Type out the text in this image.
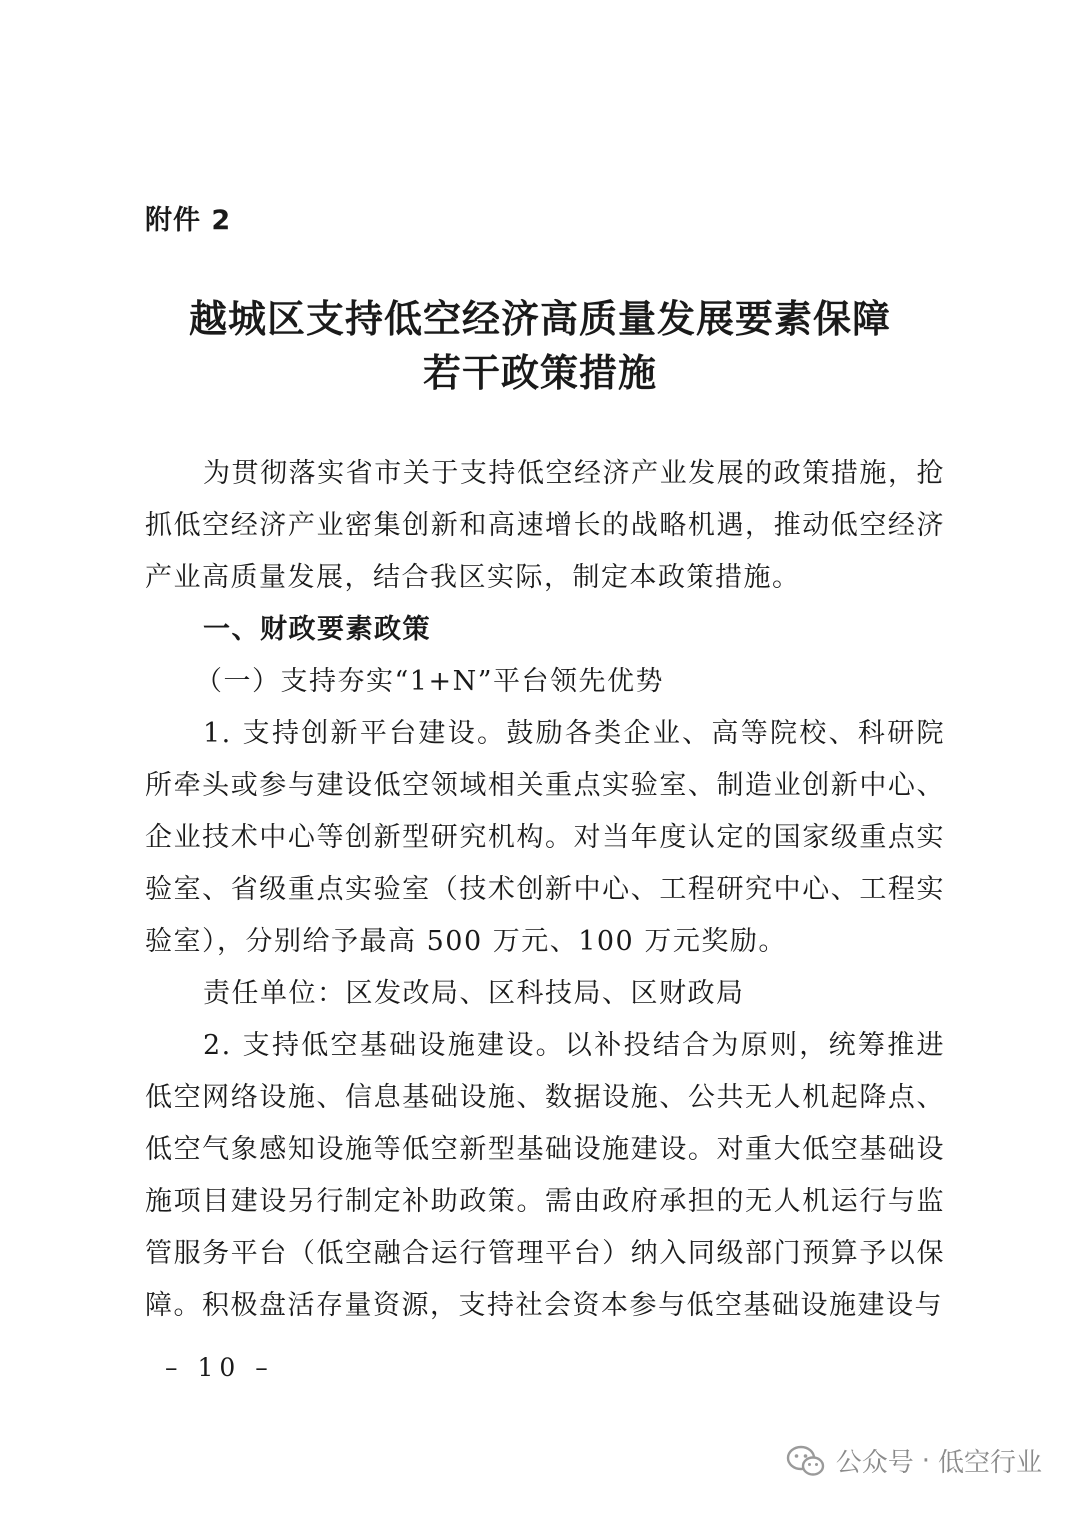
附件 2
越城区支持低空经济高质量发展要素保障
若干政策措施

为贯彻落实省市关于支持低空经济产业发展的政策措施，抢抓低空经济产业密集创新和高速增长的战略机遇，推动低空经济产业高质量发展，结合我区实际，制定本政策措施。

一、财政要素政策

（一）支持夯实“1+N”平台领先优势

1. 支持创新平台建设。鼓励各类企业、高等院校、科研院所牵头或参与建设低空领域相关重点实验室、制造业创新中心、企业技术中心等创新型研究机构。对当年度认定的国家级重点实验室、省级重点实验室（技术创新中心、工程研究中心、工程实验室），分别给予最高 500 万元、100 万元奖励。

责任单位：区发改局、区科技局、区财政局

2. 支持低空基础设施建设。以补投结合为原则，统筹推进低空网络设施、信息基础设施、数据设施、公共无人机起降点、低空气象感知设施等低空新型基础设施建设。对重大低空基础设施项目建设另行制定补助政策。需由政府承担的无人机运行与监管服务平台（低空融合运行管理平台）纳入同级部门预算予以保障。积极盘活存量资源，支持社会资本参与低空基础设施建设与

– 10 –
公众号 · 低空行业
